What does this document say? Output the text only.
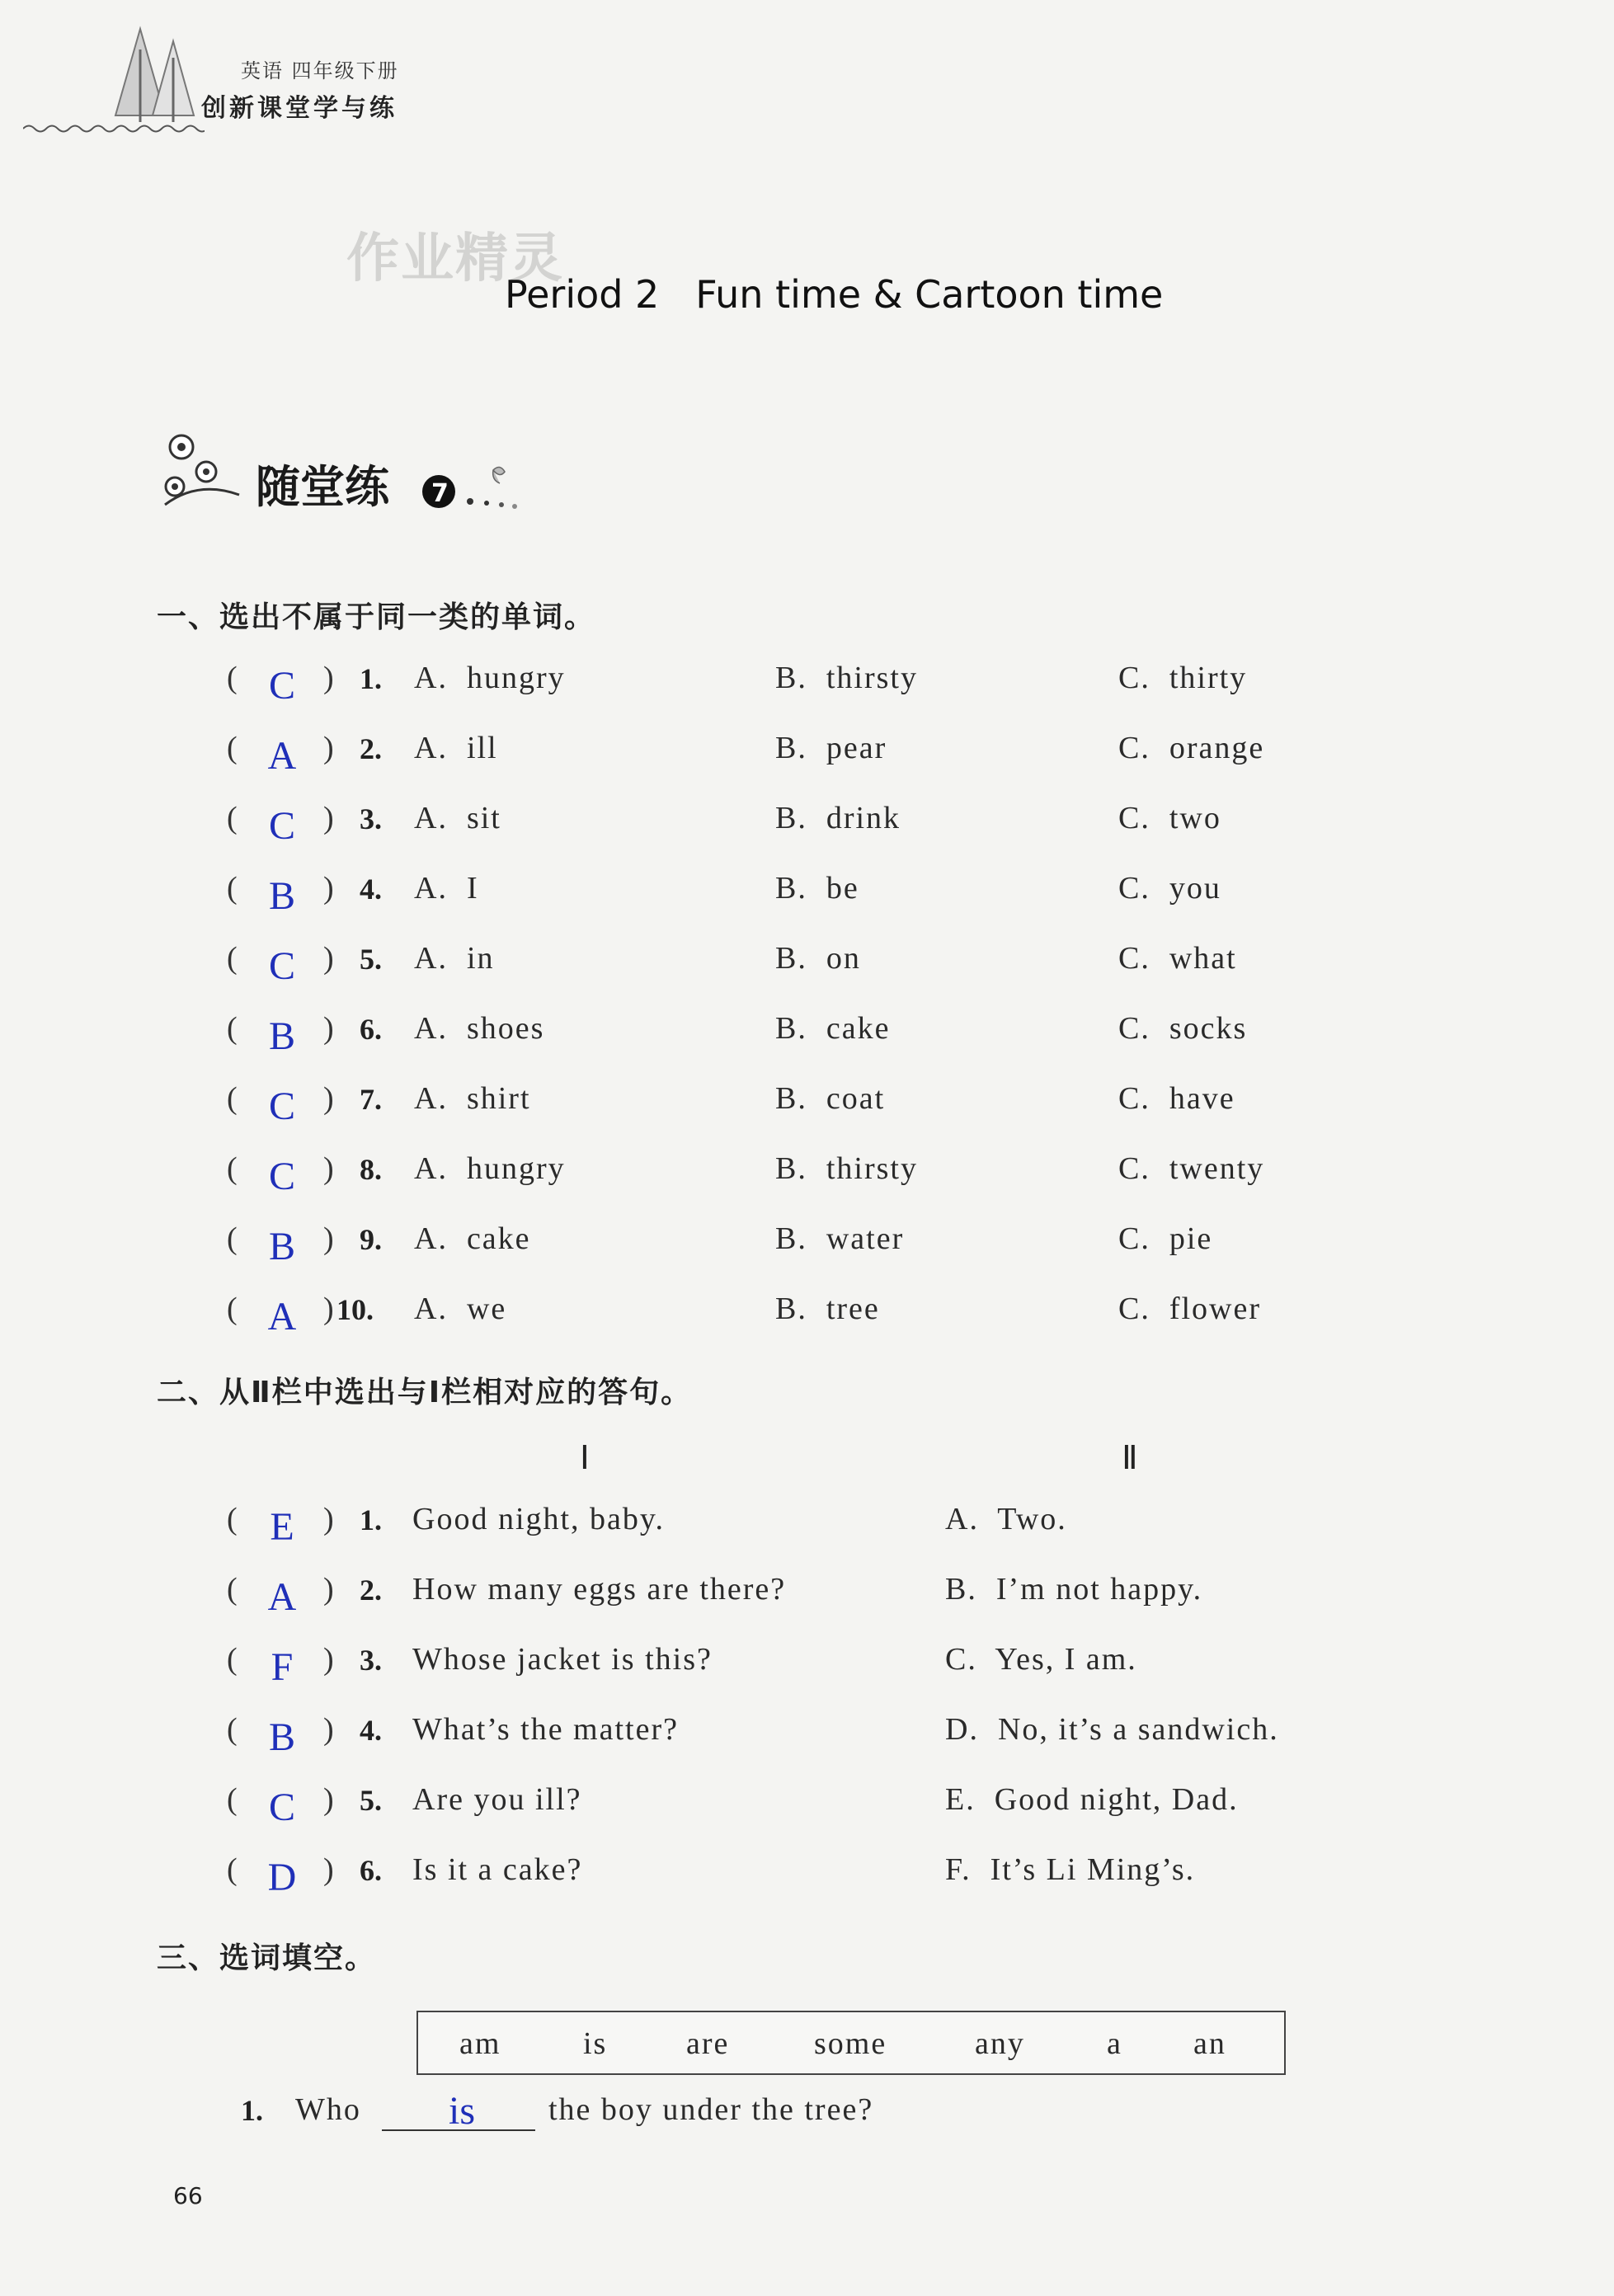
英语 四年级下册
创新课堂学与练
作业精灵
Period 2   Fun time & Cartoon time
随堂练 7
一、选出不属于同一类的单词。
( C ) 1. A.  hungry	B.  thirsty	C.  thirty
( A ) 2. A.  ill	B.  pear	C.  orange
( C ) 3. A.  sit	B.  drink	C.  two
( B ) 4. A.  I	B.  be	C.  you
( C ) 5. A.  in	B.  on	C.  what
( B ) 6. A.  shoes	B.  cake	C.  socks
( C ) 7. A.  shirt	B.  coat	C.  have
( C ) 8. A.  hungry	B.  thirsty	C.  twenty
( B ) 9. A.  cake	B.  water	C.  pie
( A ) 10. A.  we	B.  tree	C.  flower
二、从Ⅱ栏中选出与Ⅰ栏相对应的答句。
Ⅰ	Ⅱ
( E ) 1. Good night, baby.	A.  Two.
( A ) 2. How many eggs are there?	B.  I’m not happy.
( F ) 3. Whose jacket is this?	C.  Yes, I am.
( B ) 4. What’s the matter?	D.  No, it’s a sandwich.
( C ) 5. Are you ill?	E.  Good night, Dad.
( D ) 6. Is it a cake?	F.  It’s Li Ming’s.
三、选词填空。
am	is	are	some	any	a an
1. Who is	the boy under the tree?
66
